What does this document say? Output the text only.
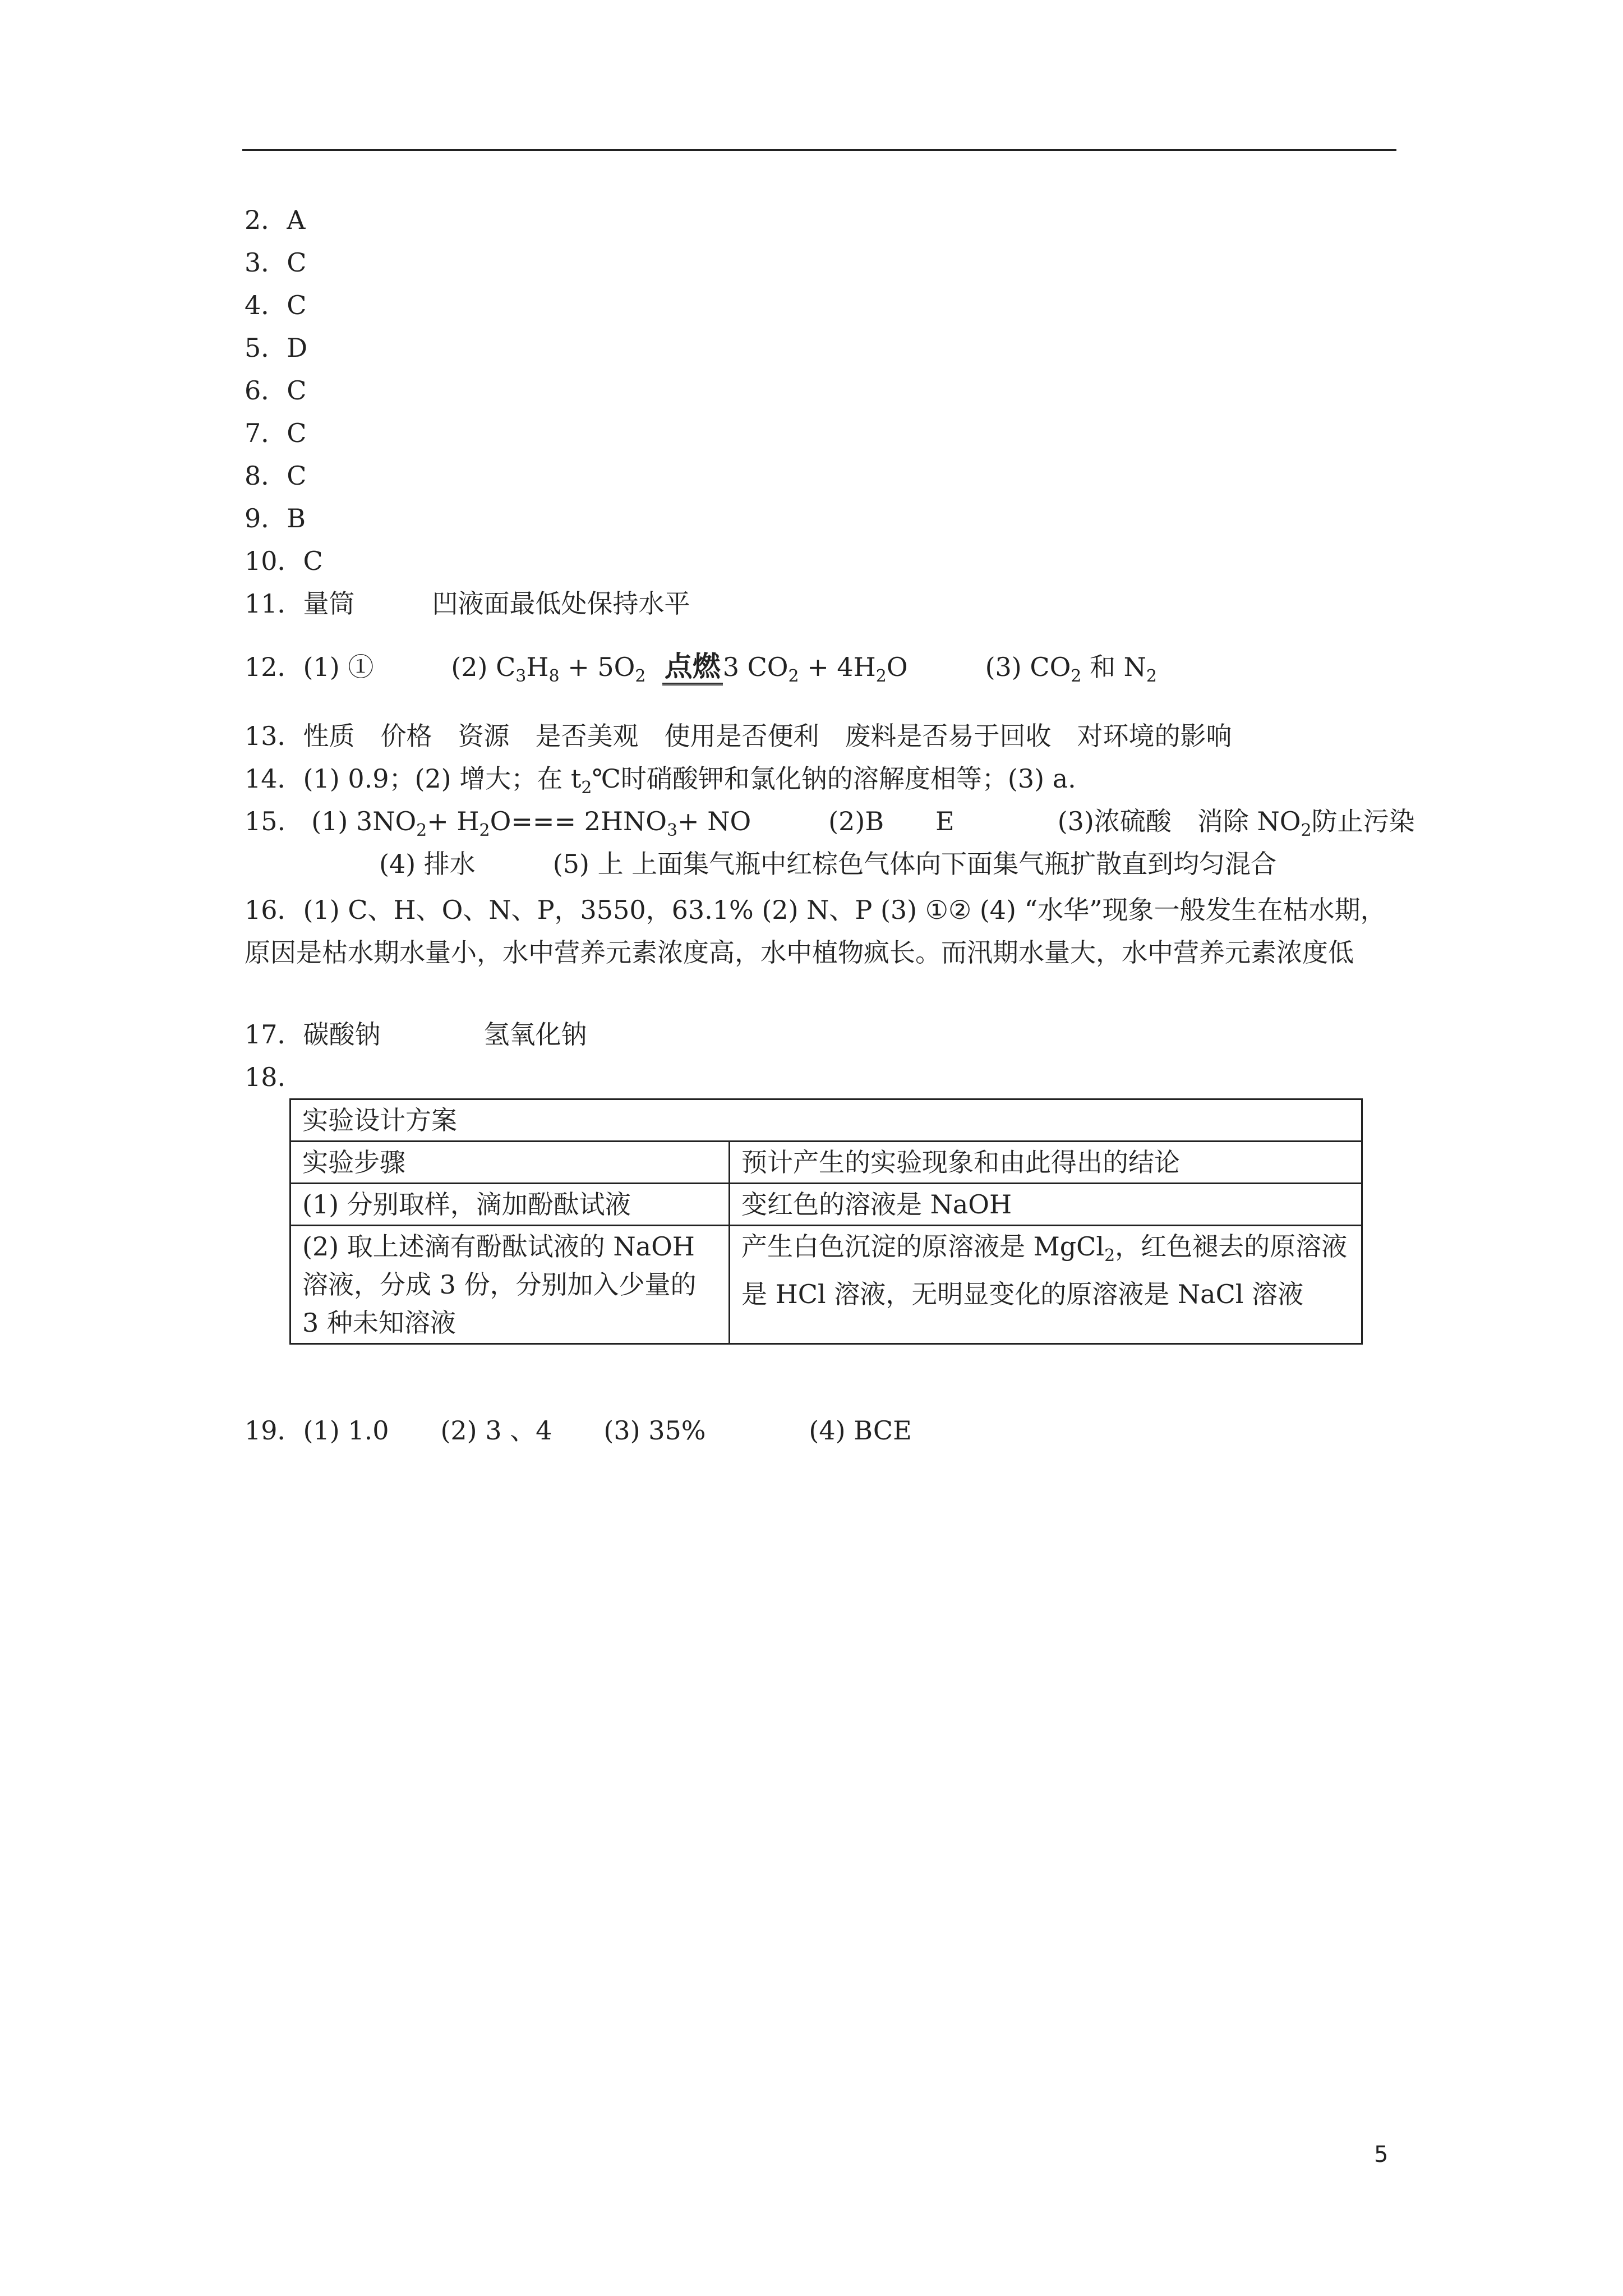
2．A
3．C
4．C
5．D
6．C
7．C
8．C
9．B
10．C
11．量筒　　　凹液面最低处保持水平
12．(1) ①　　　(2) $C_3H_8 + 5O_2$ 点燃3 $CO_2 + 4H_2O$　　　(3) $CO_2$ 和 $N_2$
13．性质　价格　资源　是否美观　使用是否便利　废料是否易于回收　对环境的影响
14．(1) 0.9；(2) 增大；在 $t_2℃$时硝酸钾和氯化钠的溶解度相等；(3) a.
15.　(1) $3NO_2+ H_2O=== 2HNO_3+$ NO　　　(2)B　　E　　　　(3)浓硫酸　消除 $NO_2$防止污染
(4) 排水　　　(5) 上 上面集气瓶中红棕色气体向下面集气瓶扩散直到均匀混合
16．(1) C、H、O、N、P，3550，63.1% (2) N、P (3) ①② (4) “水华”现象一般发生在枯水期，原因是枯水期水量小，水中营养元素浓度高，水中植物疯长。而汛期水量大，水中营养元素浓度低
17．碳酸钠　　　　氢氧化钠
18.
实验设计方案	
实验步骤	预计产生的实验现象和由此得出的结论
(1) 分别取样，滴加酚酞试液	变红色的溶液是 NaOH
(2) 取上述滴有酚酞试液的 NaOH 溶液，分成 3 份，分别加入少量的 3 种未知溶液	产生白色沉淀的原溶液是 MgCl$_2$，红色褪去的原溶液是 HCl 溶液，无明显变化的原溶液是 NaCl 溶液
19．(1) 1.0　　(2) 3 、4　　(3) 35%　　　　(4) BCE
5
